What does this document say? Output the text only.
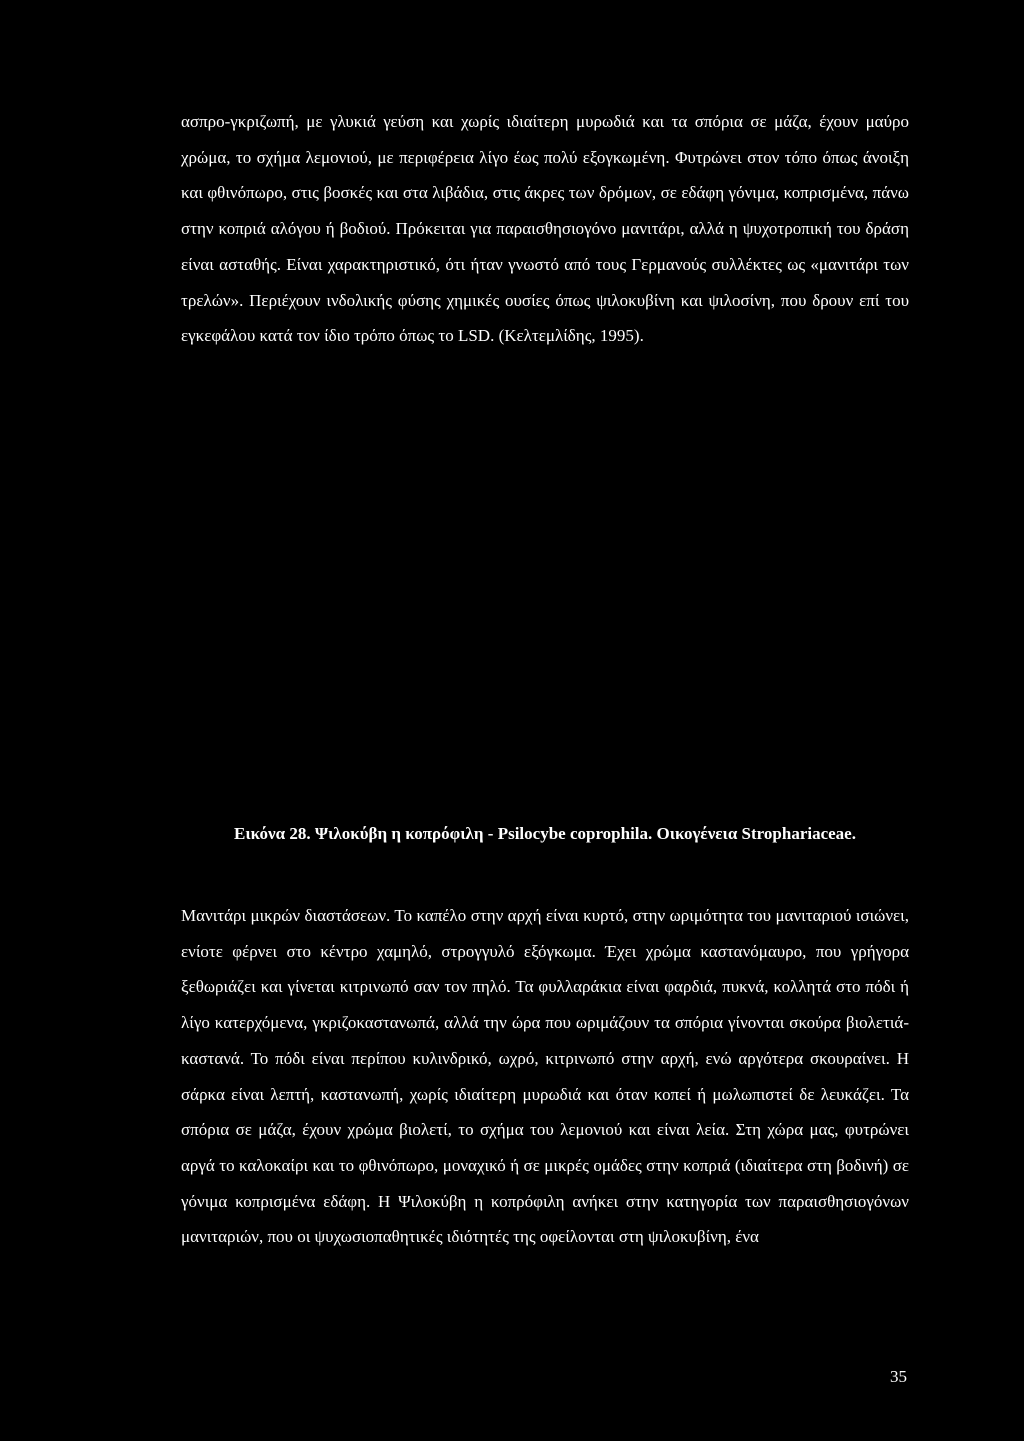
ασπρο-γκριζωπή, με γλυκιά γεύση και χωρίς ιδιαίτερη μυρωδιά και τα σπόρια σε μάζα, έχουν μαύρο χρώμα, το σχήμα λεμονιού, με περιφέρεια λίγο έως πολύ εξογκωμένη. Φυτρώνει στον τόπο όπως άνοιξη και φθινόπωρο, στις βοσκές και στα λιβάδια, στις άκρες των δρόμων, σε εδάφη γόνιμα, κοπρισμένα, πάνω στην κοπριά αλόγου ή βοδιού. Πρόκειται για παραισθησιογόνο μανιτάρι, αλλά η ψυχοτροπική του δράση είναι ασταθής. Είναι χαρακτηριστικό, ότι ήταν γνωστό από τους Γερμανούς συλλέκτες ως «μανιτάρι των τρελών». Περιέχουν ινδολικής φύσης χημικές ουσίες όπως ψιλοκυβίνη και ψιλοσίνη, που δρουν επί του εγκεφάλου κατά τον ίδιο τρόπο όπως το LSD. (Κελτεμλίδης, 1995).

Εικόνα 28. Ψιλοκύβη η κοπρόφιλη - Psilocybe coprophila. Οικογένεια Strophariaceae.

Μανιτάρι μικρών διαστάσεων. Το καπέλο στην αρχή είναι κυρτό, στην ωριμότητα του μανιταριού ισιώνει, ενίοτε φέρνει στο κέντρο χαμηλό, στρογγυλό εξόγκωμα. Έχει χρώμα καστανόμαυρο, που γρήγορα ξεθωριάζει και γίνεται κιτρινωπό σαν τον πηλό. Τα φυλλαράκια είναι φαρδιά, πυκνά, κολλητά στο πόδι ή λίγο κατερχόμενα, γκριζοκαστανωπά, αλλά την ώρα που ωριμάζουν τα σπόρια γίνονται σκούρα βιολετιά-καστανά. Το πόδι είναι περίπου κυλινδρικό, ωχρό, κιτρινωπό στην αρχή, ενώ αργότερα σκουραίνει. Η σάρκα είναι λεπτή, καστανωπή, χωρίς ιδιαίτερη μυρωδιά και όταν κοπεί ή μωλωπιστεί δε λευκάζει. Τα σπόρια σε μάζα, έχουν χρώμα βιολετί, το σχήμα του λεμονιού και είναι λεία. Στη χώρα μας, φυτρώνει αργά το καλοκαίρι και το φθινόπωρο, μοναχικό ή σε μικρές ομάδες στην κοπριά (ιδιαίτερα στη βοδινή) σε γόνιμα κοπρισμένα εδάφη. Η Ψιλοκύβη η κοπρόφιλη ανήκει στην κατηγορία των παραισθησιογόνων μανιταριών, που οι ψυχωσιοπαθητικές ιδιότητές της οφείλονται στη ψιλοκυβίνη, ένα

35
